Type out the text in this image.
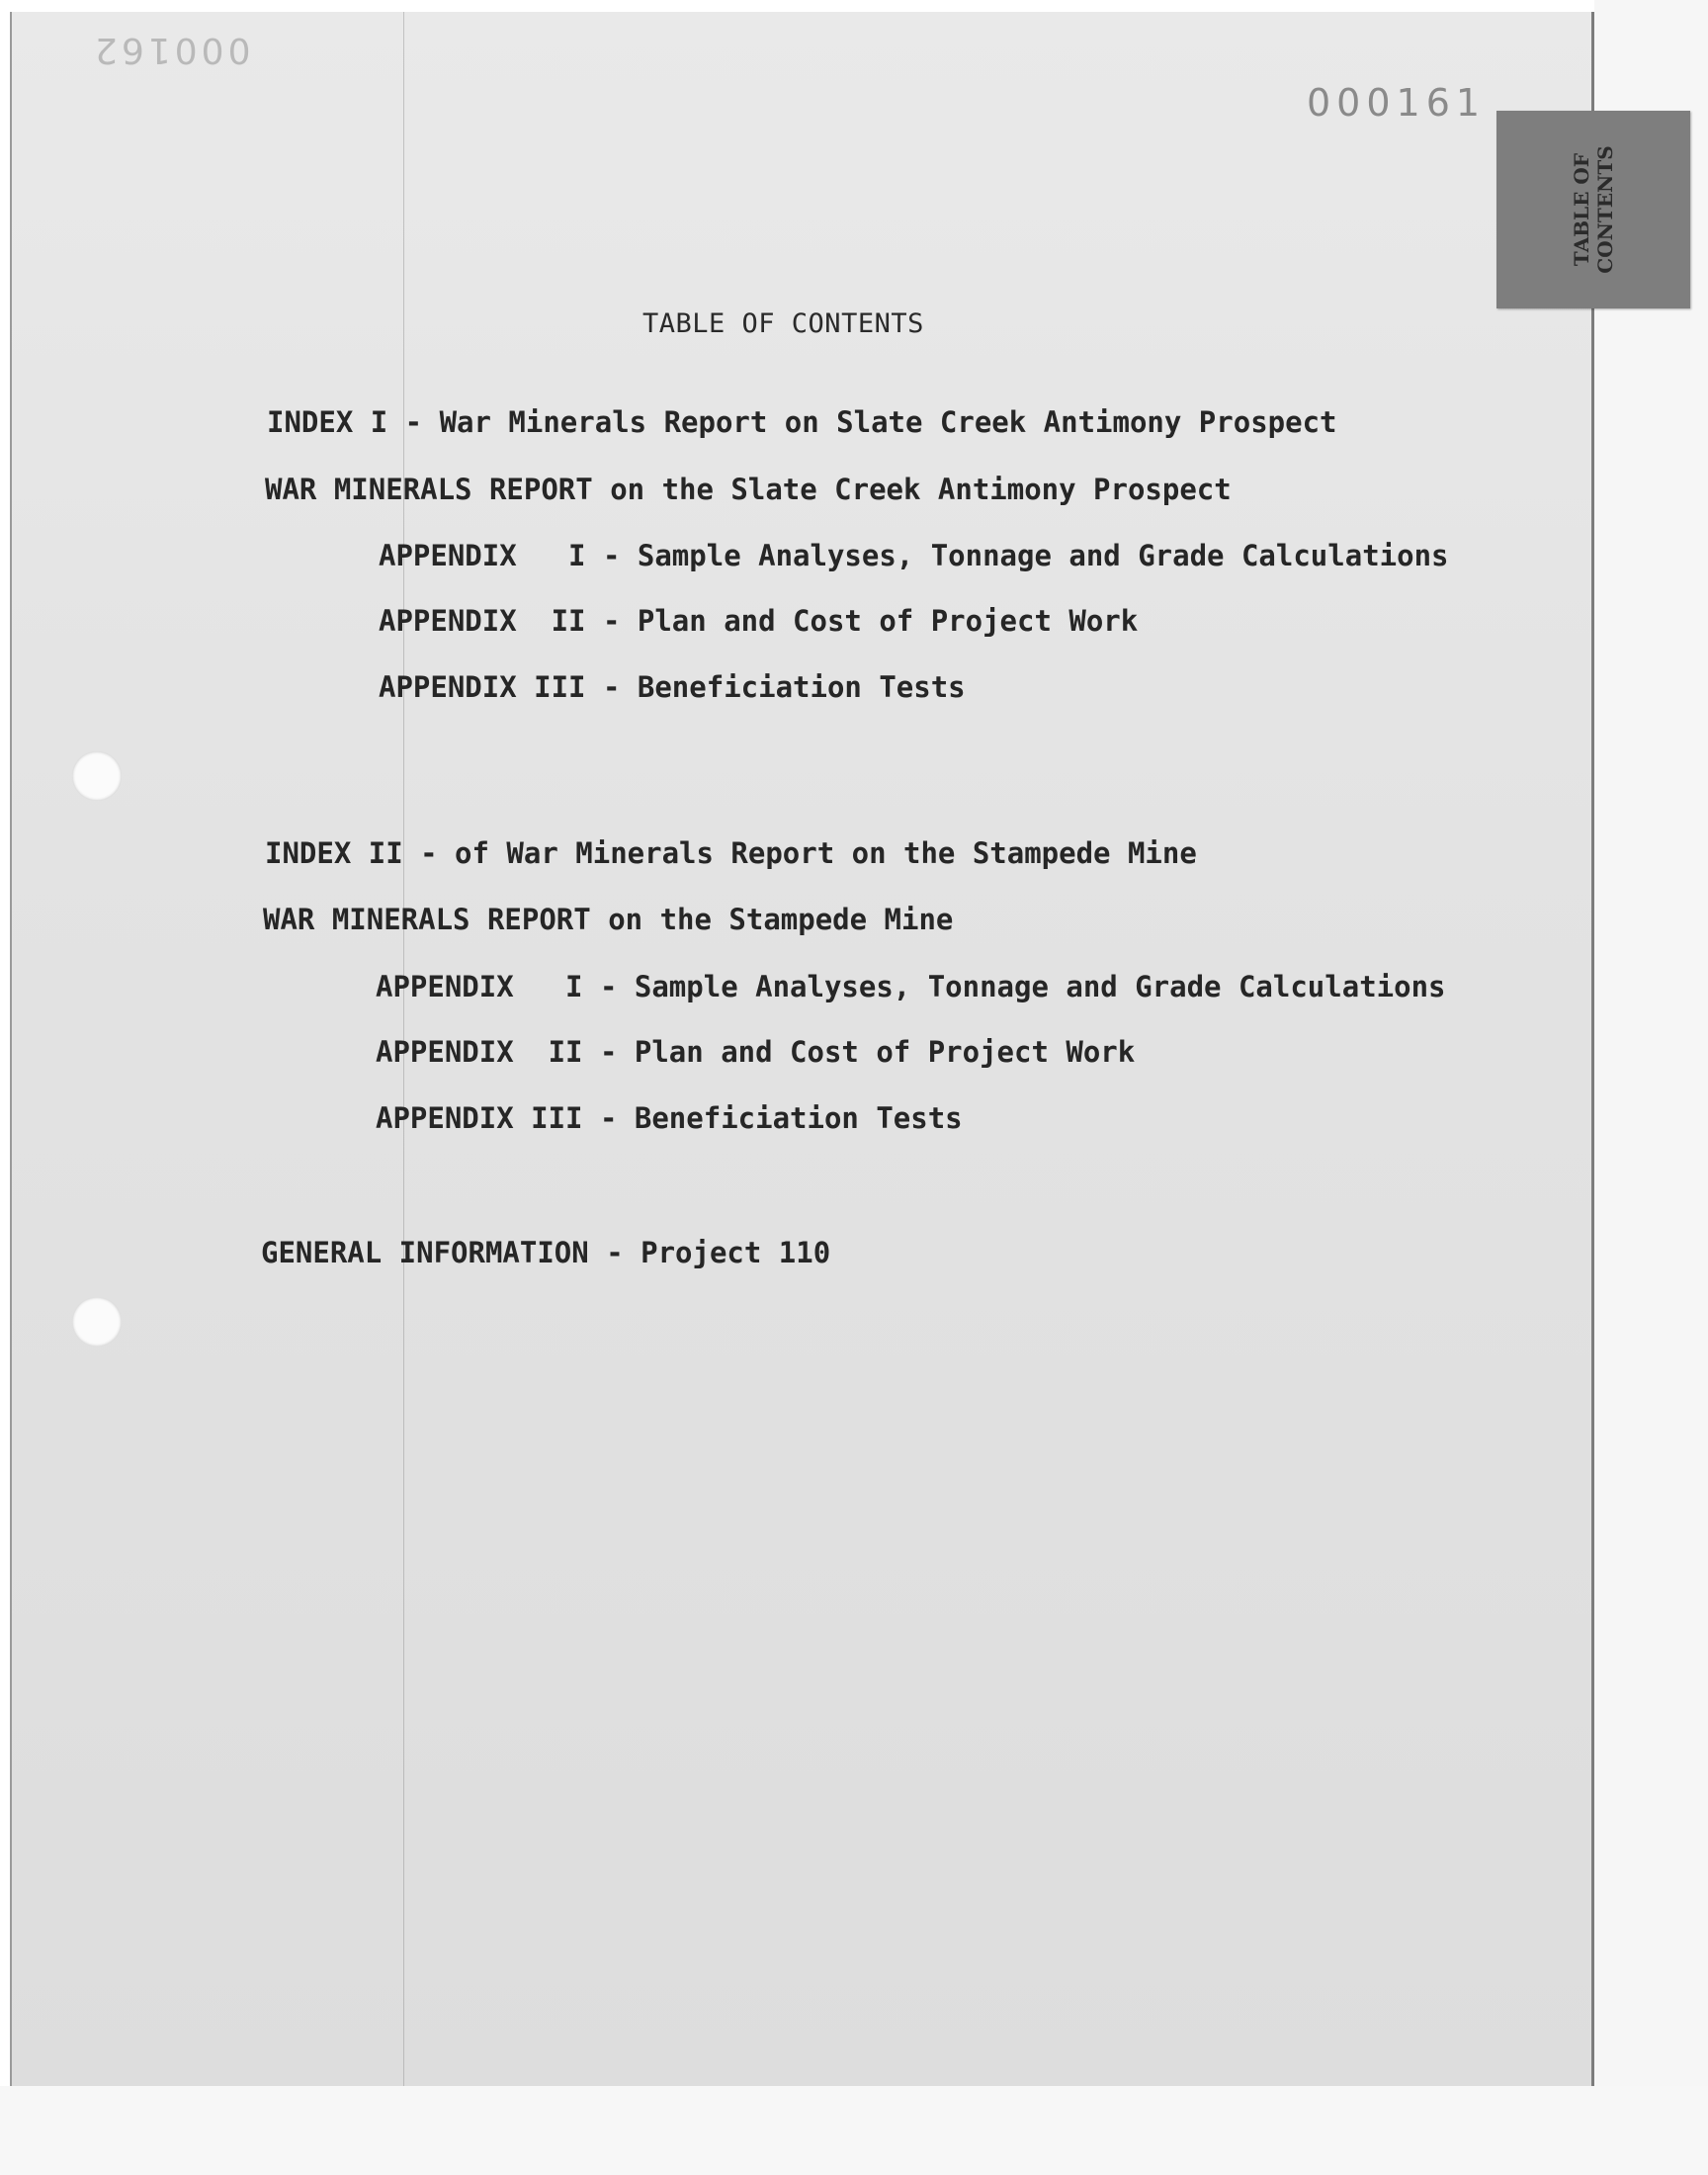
000162
000161
TABLE OF CONTENTS
TABLE OF CONTENTS
INDEX I - War Minerals Report on Slate Creek Antimony Prospect
WAR MINERALS REPORT on the Slate Creek Antimony Prospect
APPENDIX   I - Sample Analyses, Tonnage and Grade Calculations
APPENDIX  II - Plan and Cost of Project Work
APPENDIX III - Beneficiation Tests
INDEX II - of War Minerals Report on the Stampede Mine
WAR MINERALS REPORT on the Stampede Mine
APPENDIX   I - Sample Analyses, Tonnage and Grade Calculations
APPENDIX  II - Plan and Cost of Project Work
APPENDIX III - Beneficiation Tests
GENERAL INFORMATION - Project 110
